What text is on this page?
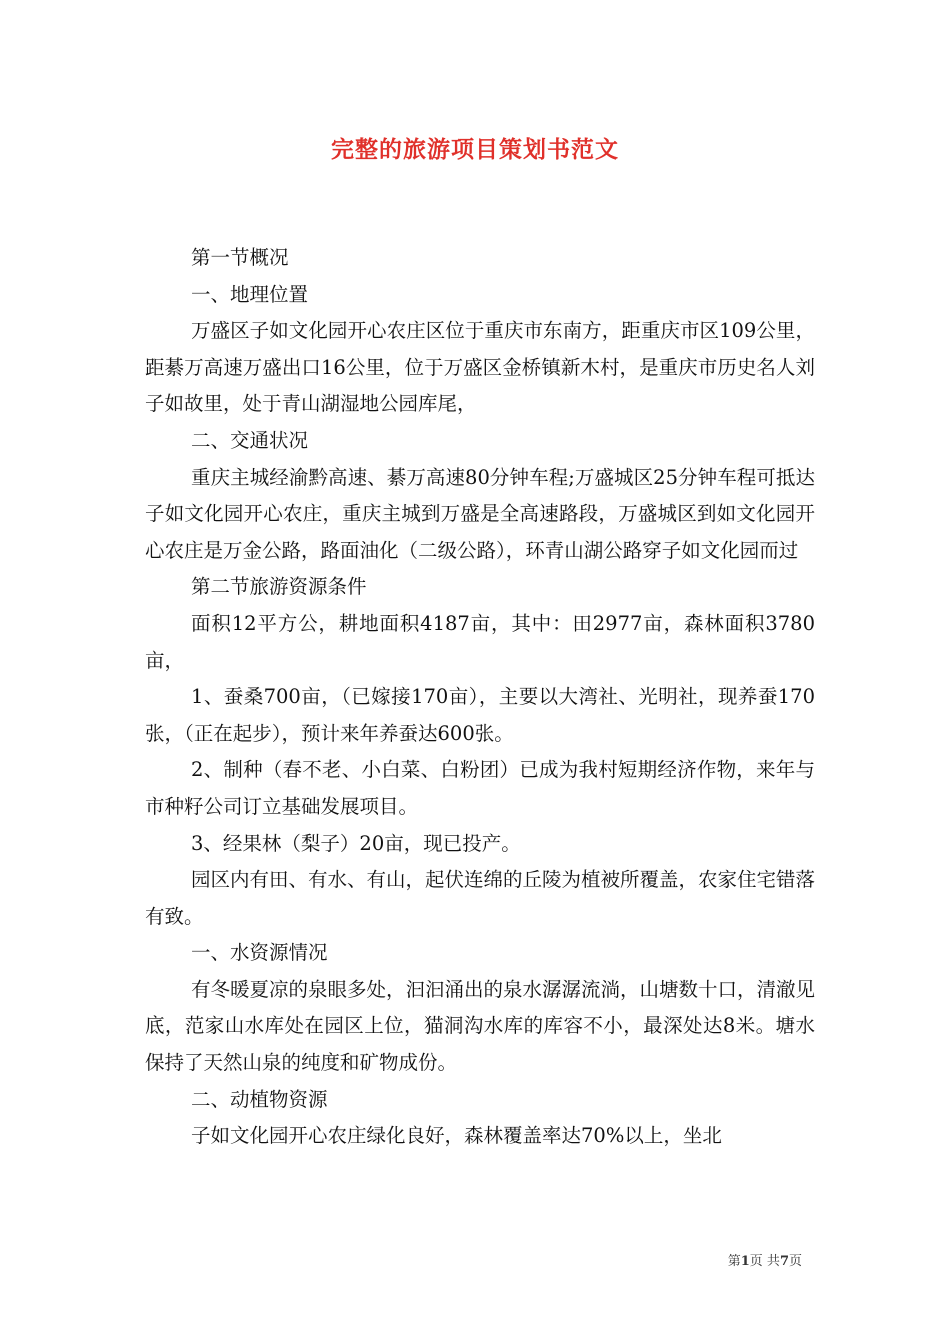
完整的旅游项目策划书范文

第一节概况

一、地理位置

万盛区子如文化园开心农庄区位于重庆市东南方，距重庆市区109公里，距綦万高速万盛出口16公里，位于万盛区金桥镇新木村，是重庆市历史名人刘子如故里，处于青山湖湿地公园库尾，

二、交通状况

重庆主城经渝黔高速、綦万高速80分钟车程;万盛城区25分钟车程可抵达子如文化园开心农庄，重庆主城到万盛是全高速路段，万盛城区到如文化园开心农庄是万金公路，路面油化（二级公路），环青山湖公路穿子如文化园而过

第二节旅游资源条件

面积12平方公，耕地面积4187亩，其中：田2977亩，森林面积3780亩，

1、蚕桑700亩，（已嫁接170亩），主要以大湾社、光明社，现养蚕170张，（正在起步），预计来年养蚕达600张。

2、制种（春不老、小白菜、白粉团）已成为我村短期经济作物，来年与市种籽公司订立基础发展项目。

3、经果林（梨子）20亩，现已投产。

园区内有田、有水、有山，起伏连绵的丘陵为植被所覆盖，农家住宅错落有致。

一、水资源情况

有冬暖夏凉的泉眼多处，汩汩涌出的泉水潺潺流淌，山塘数十口，清澈见底，范家山水库处在园区上位，猫洞沟水库的库容不小，最深处达8米。塘水保持了天然山泉的纯度和矿物成份。

二、动植物资源

子如文化园开心农庄绿化良好，森林覆盖率达70%以上，坐北

第1页 共7页
